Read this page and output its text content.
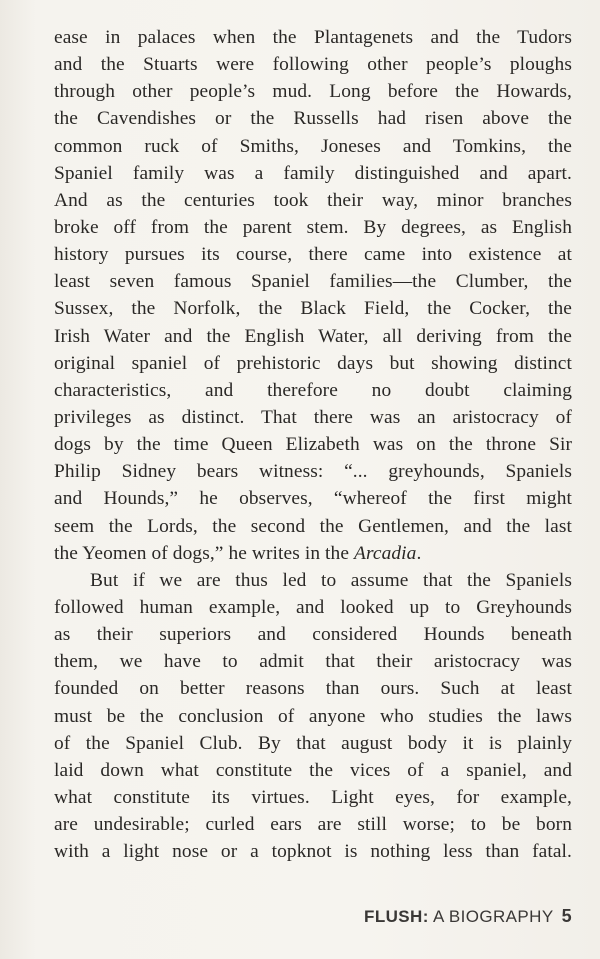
ease in palaces when the Plantagenets and the Tudors
and the Stuarts were following other people’s ploughs
through other people’s mud. Long before the Howards,
the Cavendishes or the Russells had risen above the
common ruck of Smiths, Joneses and Tomkins, the
Spaniel family was a family distinguished and apart.
And as the centuries took their way, minor branches
broke off from the parent stem. By degrees, as English
history pursues its course, there came into existence at
least seven famous Spaniel families—the Clumber, the
Sussex, the Norfolk, the Black Field, the Cocker, the
Irish Water and the English Water, all deriving from the
original spaniel of prehistoric days but showing distinct
characteristics, and therefore no doubt claiming
privileges as distinct. That there was an aristocracy of
dogs by the time Queen Elizabeth was on the throne Sir
Philip Sidney bears witness: “... greyhounds, Spaniels
and Hounds,” he observes, “whereof the first might
seem the Lords, the second the Gentlemen, and the last
the Yeomen of dogs,” he writes in the Arcadia.
But if we are thus led to assume that the Spaniels
followed human example, and looked up to Greyhounds
as their superiors and considered Hounds beneath
them, we have to admit that their aristocracy was
founded on better reasons than ours. Such at least
must be the conclusion of anyone who studies the laws
of the Spaniel Club. By that august body it is plainly
laid down what constitute the vices of a spaniel, and
what constitute its virtues. Light eyes, for example,
are undesirable; curled ears are still worse; to be born
with a light nose or a topknot is nothing less than fatal.
FLUSH: A BIOGRAPHY 5
